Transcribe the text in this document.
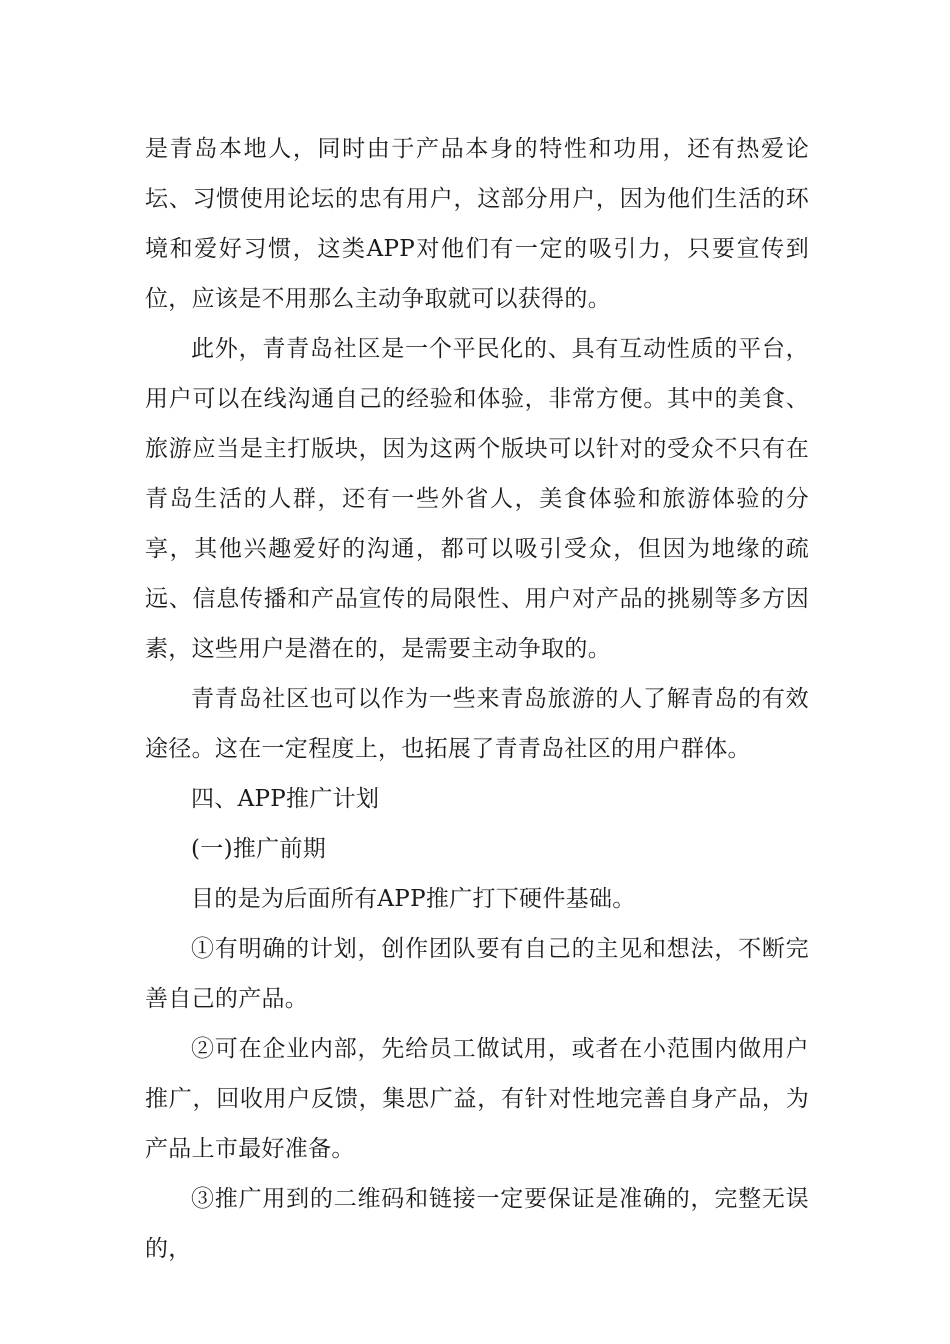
是青岛本地人，同时由于产品本身的特性和功用，还有热爱论坛、习惯使用论坛的忠有用户，这部分用户，因为他们生活的环境和爱好习惯，这类APP对他们有一定的吸引力，只要宣传到位，应该是不用那么主动争取就可以获得的。

此外，青青岛社区是一个平民化的、具有互动性质的平台，用户可以在线沟通自己的经验和体验，非常方便。其中的美食、旅游应当是主打版块，因为这两个版块可以针对的受众不只有在青岛生活的人群，还有一些外省人，美食体验和旅游体验的分享，其他兴趣爱好的沟通，都可以吸引受众，但因为地缘的疏远、信息传播和产品宣传的局限性、用户对产品的挑剔等多方因素，这些用户是潜在的，是需要主动争取的。

青青岛社区也可以作为一些来青岛旅游的人了解青岛的有效途径。这在一定程度上，也拓展了青青岛社区的用户群体。

四、APP推广计划

(一)推广前期

目的是为后面所有APP推广打下硬件基础。

①有明确的计划，创作团队要有自己的主见和想法，不断完善自己的产品。

②可在企业内部，先给员工做试用，或者在小范围内做用户推广，回收用户反馈，集思广益，有针对性地完善自身产品，为产品上市最好准备。

③推广用到的二维码和链接一定要保证是准确的，完整无误的，
